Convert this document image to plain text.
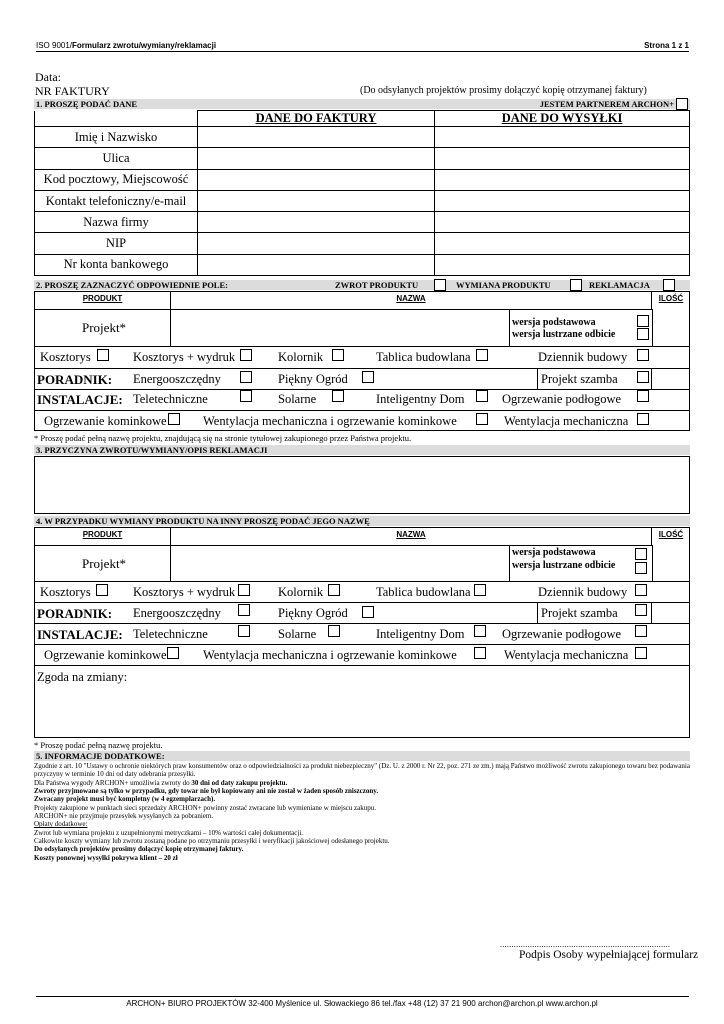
ISO 9001/Formularz zwrotu/wymiany/reklamacji	Strona 1 z 1
Data:
NR FAKTURY	(Do odsyłanych projektów prosimy dołączyć kopię otrzymanej faktury)
1. PROSZĘ PODAĆ DANE	JESTEM PARTNEREM ARCHON+
	DANE DO FAKTURY	DANE DO WYSYŁKI
Imię i Nazwisko		
Ulica		
Kod pocztowy, Miejscowość		
Kontakt telefoniczny/e-mail		
Nazwa firmy		
NIP		
Nr konta bankowego		
2. PROSZĘ ZAZNACZYĆ ODPOWIEDNIE POLE:	ZWROT PRODUKTU	WYMIANA PRODUKTU	REKLAMACJA
PRODUKT	NAZWA	ILOŚĆ
Projekt*	wersja podstawowa
wersja lustrzane odbicie
Kosztorys	Kosztorys + wydruk	Kolornik	Tablica budowlana	Dziennik budowy
PORADNIK: Energooszczędny	Piękny Ogród	Projekt szamba
INSTALACJE: Teletechniczne	Solarne	Inteligentny Dom	Ogrzewanie podłogowe
Ogrzewanie kominkowe	Wentylacja mechaniczna i ogrzewanie kominkowe	Wentylacja mechaniczna
* Proszę podać pełną nazwę projektu, znajdującą się na stronie tytułowej zakupionego przez Państwa projektu.
3. PRZYCZYNA ZWROTU/WYMIANY/OPIS REKLAMACJI
4. W PRZYPADKU WYMIANY PRODUKTU NA INNY PROSZĘ PODAĆ JEGO NAZWĘ
PRODUKT	NAZWA	ILOŚĆ
Projekt*
wersja podstawowa
wersja lustrzane odbicie
Kosztorys	Kosztorys + wydruk	Kolornik	Tablica budowlana	Dziennik budowy
PORADNIK: Energooszczędny	Piękny Ogród	Projekt szamba
INSTALACJE: Teletechniczne	Solarne	Inteligentny Dom	Ogrzewanie podłogowe
Ogrzewanie kominkowe	Wentylacja mechaniczna i ogrzewanie kominkowe	Wentylacja mechaniczna
Zgoda na zmiany:
* Proszę podać pełną nazwę projektu.
5. INFORMACJE DODATKOWE:
Zgodnie z art. 10 "Ustawy o ochronie niektórych praw konsumentów oraz o odpowiedzialności za produkt niebezpieczny" (Dz. U. z 2000 r. Nr 22, poz. 271 ze zm.) mają Państwo możliwość zwrotu zakupionego towaru bez podawania przyczyny w terminie 10 dni od daty odebrania przesyłki.
Dla Państwa wygody ARCHON+ umożliwia zwroty do 30 dni od daty zakupu projektu.
Zwroty przyjmowane są tylko w przypadku, gdy towar nie był kopiowany ani nie został w żaden sposób zniszczony.
Zwracany projekt musi być kompletny (w 4 egzemplarzach).
Projekty zakupione w punktach sieci sprzedaży ARCHON+ powinny zostać zwracane lub wymieniane w miejscu zakupu.
ARCHON+ nie przyjmuje przesyłek wysyłanych za pobraniem.
Opłaty dodatkowe:
Zwrot lub wymiana projektu z uzupełnionymi metryczkami – 10% wartości całej dokumentacji.
Całkowite koszty wymiany lub zwrotu zostaną podane po otrzymaniu przesyłki i weryfikacji jakościowej odesłanego projektu.
Do odsyłanych projektów prosimy dołączyć kopię otrzymanej faktury.
Koszty ponownej wysyłki pokrywa klient – 20 zł
..........................................................................
Podpis Osoby wypełniającej formularz
ARCHON+ BIURO PROJEKTÓW 32-400 Myślenice ul. Słowackiego 86 tel./fax +48 (12) 37 21 900 archon@archon.pl www.archon.pl
